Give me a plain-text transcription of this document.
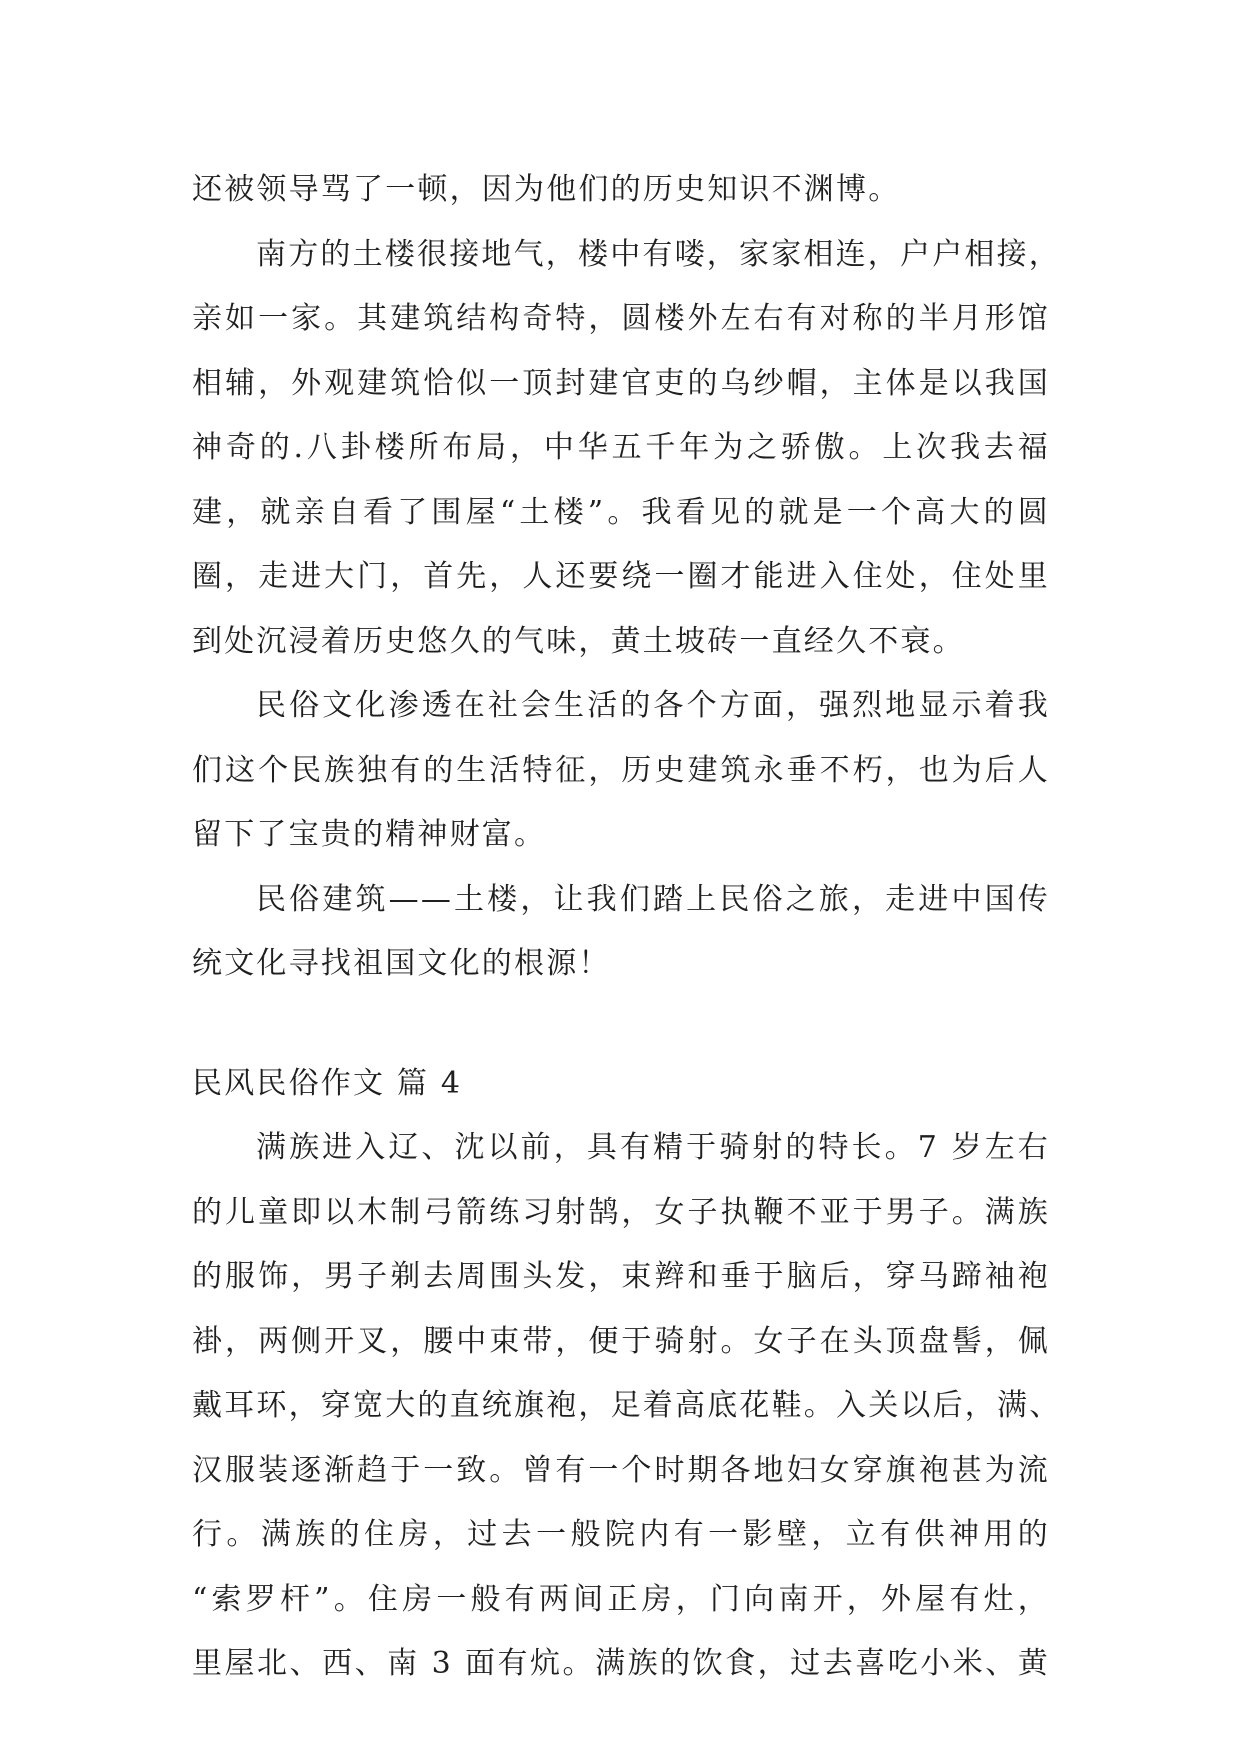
还被领导骂了一顿，因为他们的历史知识不渊博。
南方的土楼很接地气，楼中有喽，家家相连，户户相接，
亲如一家。其建筑结构奇特，圆楼外左右有对称的半月形馆
相辅，外观建筑恰似一顶封建官吏的乌纱帽，主体是以我国
神奇的.八卦楼所布局，中华五千年为之骄傲。上次我去福
建，就亲自看了围屋“土楼”。我看见的就是一个高大的圆
圈，走进大门，首先，人还要绕一圈才能进入住处，住处里
到处沉浸着历史悠久的气味，黄土坡砖一直经久不衰。
民俗文化渗透在社会生活的各个方面，强烈地显示着我
们这个民族独有的生活特征，历史建筑永垂不朽，也为后人
留下了宝贵的精神财富。
民俗建筑——土楼，让我们踏上民俗之旅，走进中国传
统文化寻找祖国文化的根源！
民风民俗作文 篇 4
满族进入辽、沈以前，具有精于骑射的特长。7 岁左右
的儿童即以木制弓箭练习射鹄，女子执鞭不亚于男子。满族
的服饰，男子剃去周围头发，束辫和垂于脑后，穿马蹄袖袍
褂，两侧开叉，腰中束带，便于骑射。女子在头顶盘髻，佩
戴耳环，穿宽大的直统旗袍，足着高底花鞋。入关以后，满、
汉服装逐渐趋于一致。曾有一个时期各地妇女穿旗袍甚为流
行。满族的住房，过去一般院内有一影壁，立有供神用的
“索罗杆”。住房一般有两间正房，门向南开，外屋有灶，
里屋北、西、南 3 面有炕。满族的饮食，过去喜吃小米、黄
